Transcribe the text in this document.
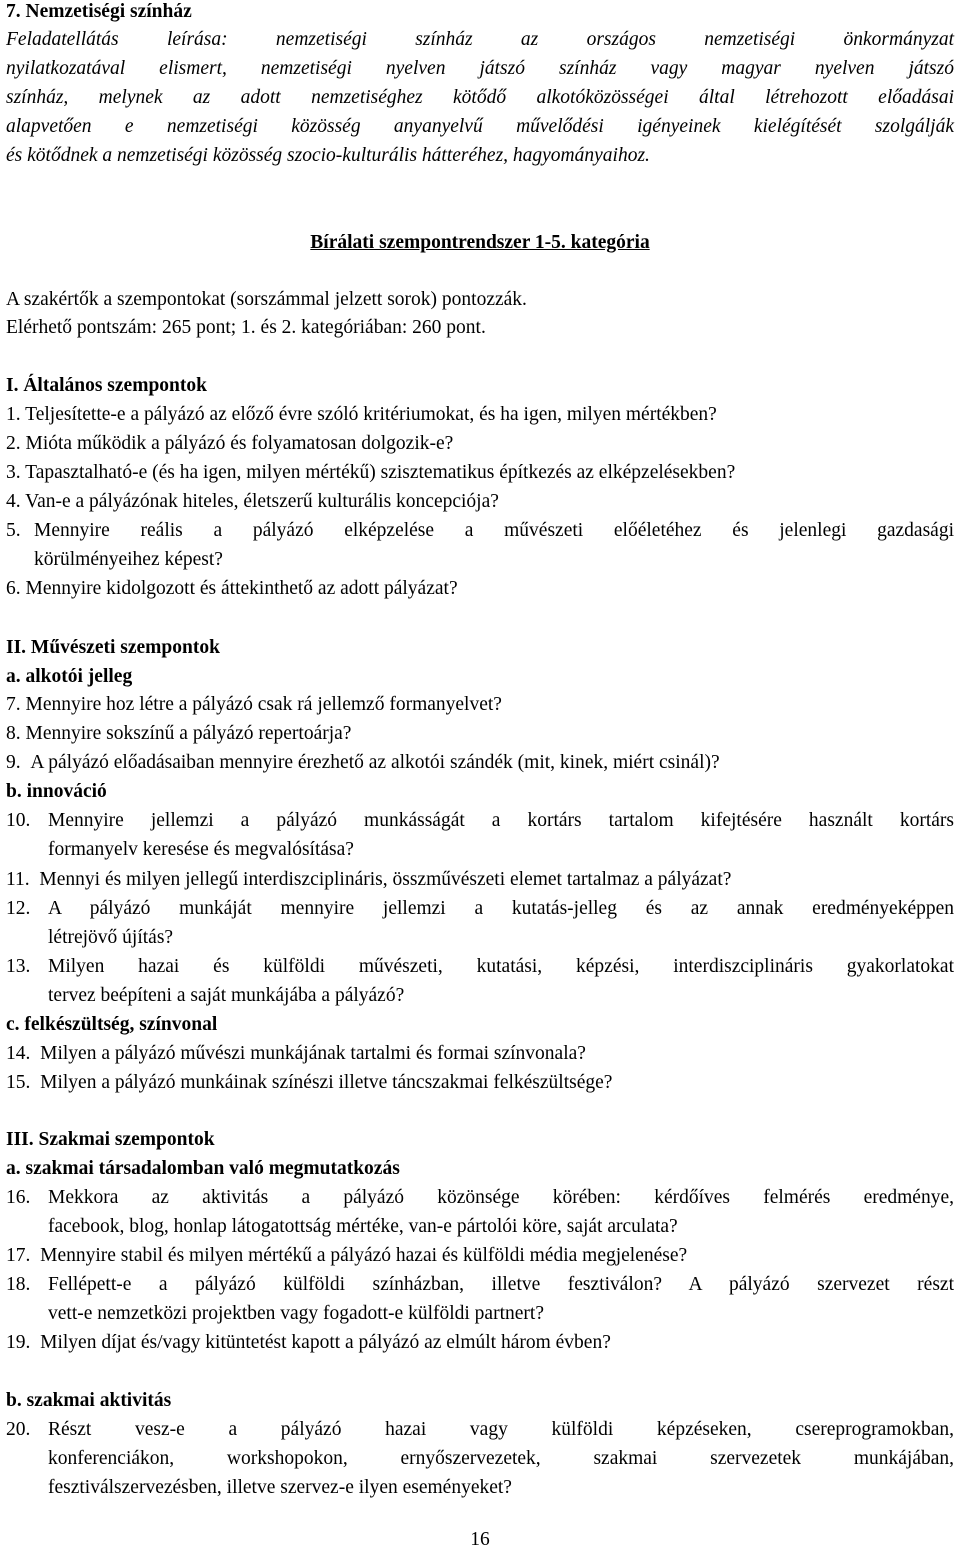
7. Nemzetiségi színház
Feladatellátás leírása: nemzetiségi színház az országos nemzetiségi önkormányzat
nyilatkozatával elismert, nemzetiségi nyelven játszó színház vagy magyar nyelven játszó
színház, melynek az adott nemzetiséghez kötődő alkotóközösségei által létrehozott előadásai
alapvetően e nemzetiségi közösség anyanyelvű művelődési igényeinek kielégítését szolgálják
és kötődnek a nemzetiségi közösség szocio-kulturális hátteréhez, hagyományaihoz.
Bírálati szempontrendszer 1-5. kategória
A szakértők a szempontokat (sorszámmal jelzett sorok) pontozzák.
Elérhető pontszám: 265 pont; 1. és 2. kategóriában: 260 pont.
I. Általános szempontok
1. Teljesítette-e a pályázó az előző évre szóló kritériumokat, és ha igen, milyen mértékben?
2. Mióta működik a pályázó és folyamatosan dolgozik-e?
3. Tapasztalható-e (és ha igen, milyen mértékű) szisztematikus építkezés az elképzelésekben?
4. Van-e a pályázónak hiteles, életszerű kulturális koncepciója?
5. Mennyire reális a pályázó elképzelése a művészeti előéletéhez és jelenlegi gazdasági
körülményeihez képest?
6. Mennyire kidolgozott és áttekinthető az adott pályázat?
II. Művészeti szempontok
a. alkotói jelleg
7. Mennyire hoz létre a pályázó csak rá jellemző formanyelvet?
8. Mennyire sokszínű a pályázó repertoárja?
9. A pályázó előadásaiban mennyire érezhető az alkotói szándék (mit, kinek, miért csinál)?
b. innováció
10. Mennyire jellemzi a pályázó munkásságát a kortárs tartalom kifejtésére használt kortárs
formanyelv keresése és megvalósítása?
11. Mennyi és milyen jellegű interdiszciplináris, összművészeti elemet tartalmaz a pályázat?
12. A pályázó munkáját mennyire jellemzi a kutatás-jelleg és az annak eredményeképpen
létrejövő újítás?
13. Milyen hazai és külföldi művészeti, kutatási, képzési, interdiszciplináris gyakorlatokat
tervez beépíteni a saját munkájába a pályázó?
c. felkészültség, színvonal
14. Milyen a pályázó művészi munkájának tartalmi és formai színvonala?
15. Milyen a pályázó munkáinak színészi illetve táncszakmai felkészültsége?
III. Szakmai szempontok
a. szakmai társadalomban való megmutatkozás
16. Mekkora az aktivitás a pályázó közönsége körében: kérdőíves felmérés eredménye,
facebook, blog, honlap látogatottság mértéke, van-e pártolói köre, saját arculata?
17. Mennyire stabil és milyen mértékű a pályázó hazai és külföldi média megjelenése?
18. Fellépett-e a pályázó külföldi színházban, illetve fesztiválon? A pályázó szervezet részt
vett-e nemzetközi projektben vagy fogadott-e külföldi partnert?
19. Milyen díjat és/vagy kitüntetést kapott a pályázó az elmúlt három évben?
b. szakmai aktivitás
20. Részt vesz-e a pályázó hazai vagy külföldi képzéseken, csereprogramokban,
konferenciákon, workshopokon, ernyőszervezetek, szakmai szervezetek munkájában,
fesztiválszervezésben, illetve szervez-e ilyen eseményeket?
16
